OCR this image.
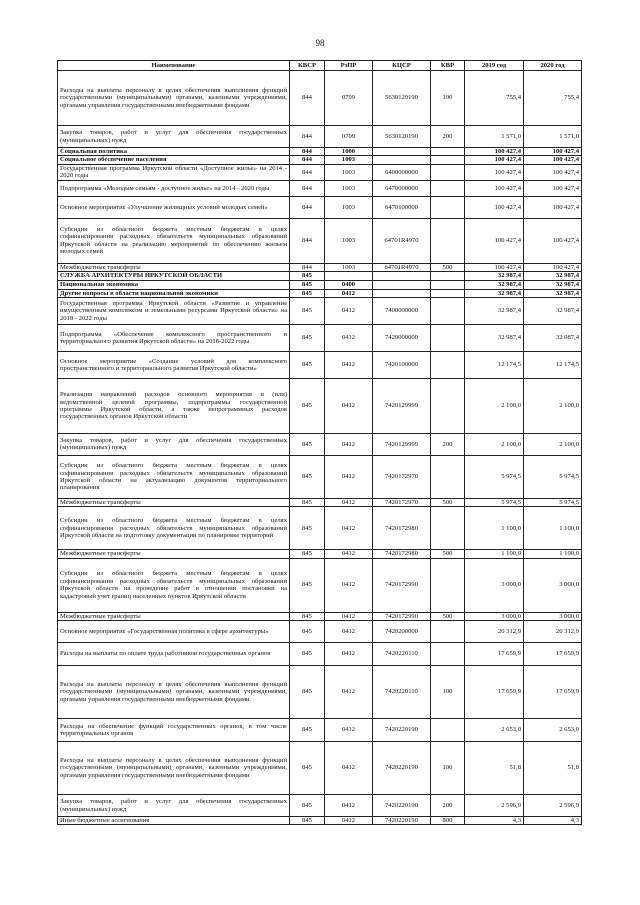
98
Наименование	КВСР	РзПР	КЦСР	КВР	2019 год	2020 год
Расходы на выплаты персоналу в целях обеспечения выполнения функций государственными (муниципальными) органами, казенными учреждениями, органами управления государственными внебюджетными фондами	844	0709	5630120190	100	755,4	755,4
Закупка товаров, работ и услуг для обеспечения государственных (муниципальных) нужд	844	0709	5630120190	200	1 571,0	1 571,0
Социальная политика	844	1000			100 427,4	100 427,4
Социальное обеспечение населения	844	1003			100 427,4	100 427,4
Государственная программа Иркутской области «Доступное жилье» на 2014 - 2020 годы	844	1003	6400000000		100 427,4	100 427,4
Подпрограмма «Молодым семьям - доступное жилье» на 2014 - 2020 годы	844	1003	6470000000		100 427,4	100 427,4
Основное мероприятие «Улучшение жилищных условий молодых семей»	844	1003	6470100000		100 427,4	100 427,4
Субсидии из областного бюджета местным бюджетам в целях софинансирования расходных обязательств муниципальных образований Иркутской области на реализацию мероприятий по обеспечению жильем молодых семей	844	1003	64701R4970		100 427,4	100 427,4
Межбюджетные трансферты	844	1003	64701R4970	500	100 427,4	100 427,4
СЛУЖБА АРХИТЕКТУРЫ ИРКУТСКОЙ ОБЛАСТИ	845				32 987,4	32 987,4
Национальная экономика	845	0400			32 987,4	32 987,4
Другие вопросы в области национальной экономики	845	0412			32 987,4	32 987,4
Государственная программа Иркутской области «Развитие и управление имущественным комплексом и земельными ресурсами Иркутской области» на 2018 - 2022 годы	845	0412	7400000000		32 987,4	32 987,4
Подпрограмма «Обеспечение комплексного пространственного и территориального развития Иркутской области» на 2018-2022 годы	845	0412	7420000000		32 987,4	32 987,4
Основное мероприятие «Создание условий для комплексного пространственного и территориального развития Иркутской области»	845	0412	7420100000		12 174,5	12 174,5
Реализация направлений расходов основного мероприятия и (или) ведомственной целевой программы, подпрограммы государственной программы Иркутской области, а также непрограммных расходов государственных органов Иркутской области	845	0412	7420129999		2 100,0	2 100,0
Закупка товаров, работ и услуг для обеспечения государственных (муниципальных) нужд	845	0412	7420129999	200	2 100,0	2 100,0
Субсидии из областного бюджета местным бюджетам в целях софинансирования расходных обязательств муниципальных образований Иркутской области на актуализацию документов территориального планирования	845	0412	7420172970		5 974,5	5 974,5
Межбюджетные трансферты	845	0412	7420172970	500	5 974,5	5 974,5
Субсидии из областного бюджета местным бюджетам в целях софинансирования расходных обязательств муниципальных образований Иркутской области на подготовку документации по планировке территорий	845	0412	7420172980		1 100,0	1 100,0
Межбюджетные трансферты	845	0412	7420172980	500	1 100,0	1 100,0
Субсидии из областного бюджета местным бюджетам в целях софинансирования расходных обязательств муниципальных образований Иркутской области на проведение работ в отношении постановки на кадастровый учет границ населенных пунктов Иркутской области	845	0412	7420172990		3 000,0	3 000,0
Межбюджетные трансферты	845	0412	7420172990	500	3 000,0	3 000,0
Основное мероприятие «Государственная политика в сфере архитектуры»	845	0412	7420200000		20 312,9	20 312,9
Расходы на выплаты по оплате труда работников государственных органов	845	0412	7420220110		17 659,9	17 659,9
Расходы на выплаты персоналу в целях обеспечения выполнения функций государственными (муниципальными) органами, казенными учреждениями, органами управления государственными внебюджетными фондами	845	0412	7420220110	100	17 659,9	17 659,9
Расходы на обеспечение функций государственных органов, в том числе территориальных органов	845	0412	7420220190		2 653,0	2 653,0
Расходы на выплаты персоналу в целях обеспечения выполнения функций государственными (муниципальными) органами, казенными учреждениями, органами управления государственными внебюджетными фондами	845	0412	7420220190	100	51,8	51,8
Закупка товаров, работ и услуг для обеспечения государственных (муниципальных) нужд	845	0412	7420220190	200	2 596,9	2 596,9
Иные бюджетные ассигнования	845	0412	7420220190	800	4,3	4,3
